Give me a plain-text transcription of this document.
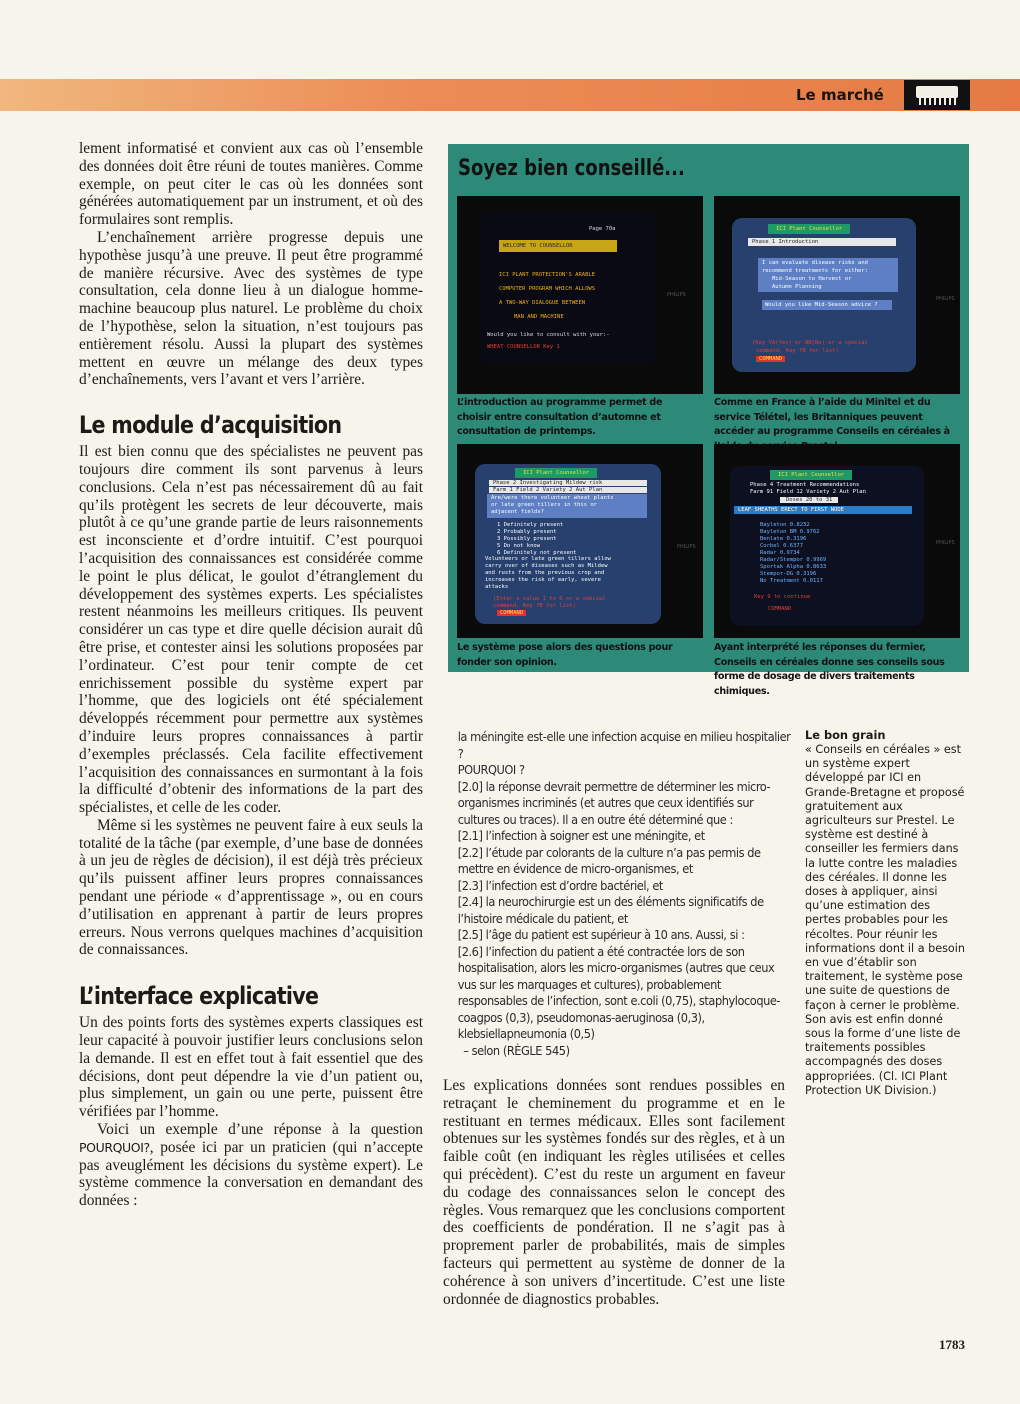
Le marché

lement informatisé et convient aux cas où l’ensemble des données doit être réuni de toutes manières. Comme exemple, on peut citer le cas où les données sont générées automatiquement par un instrument, et où des formulaires sont remplis.

L’enchaînement arrière progresse depuis une hypothèse jusqu’à une preuve. Il peut être programmé de manière récursive. Avec des systèmes de type consultation, cela donne lieu à un dialogue homme-machine beaucoup plus naturel. Le problème du choix de l’hypothèse, selon la situation, n’est toujours pas entièrement résolu. Aussi la plupart des systèmes mettent en œuvre un mélange des deux types d’enchaînements, vers l’avant et vers l’arrière.

Le module d’acquisition

Il est bien connu que des spécialistes ne peuvent pas toujours dire comment ils sont parvenus à leurs conclusions. Cela n’est pas nécessairement dû au fait qu’ils protègent les secrets de leur découverte, mais plutôt à ce qu’une grande partie de leurs raisonnements est inconsciente et d’ordre intuitif. C’est pourquoi l’acquisition des connaissances est considérée comme le point le plus délicat, le goulot d’étranglement du développement des systèmes experts. Les spécialistes restent néanmoins les meilleurs critiques. Ils peuvent considérer un cas type et dire quelle décision aurait dû être prise, et contester ainsi les solutions proposées par l’ordinateur. C’est pour tenir compte de cet enrichissement possible du système expert par l’homme, que des logiciels ont été spécialement développés récemment pour permettre aux systèmes d’induire leurs propres connaissances à partir d’exemples préclassés. Cela facilite effectivement l’acquisition des connaissances en surmontant à la fois la difficulté d’obtenir des informations de la part des spécialistes, et celle de les coder.

Même si les systèmes ne peuvent faire à eux seuls la totalité de la tâche (par exemple, d’une base de données à un jeu de règles de décision), il est déjà très précieux qu’ils puissent affiner leurs propres connaissances pendant une période « d’apprentissage », ou en cours d’utilisation en apprenant à partir de leurs propres erreurs. Nous verrons quelques machines d’acquisition de connaissances.

L’interface explicative

Un des points forts des systèmes experts classiques est leur capacité à pouvoir justifier leurs conclusions selon la demande. Il est en effet tout à fait essentiel que des décisions, dont peut dépendre la vie d’un patient ou, plus simplement, un gain ou une perte, puissent être vérifiées par l’homme.

Voici un exemple d’une réponse à la question POURQUOI?, posée ici par un praticien (qui n’accepte pas aveuglément les décisions du système expert). Le système commence la conversation en demandant des données :

Soyez bien conseillé...
Page 70a
WELCOME TO COUNSELLOR
ICI PLANT PROTECTION'S ARABLE
COMPUTER PROGRAM WHICH ALLOWS
A TWO-WAY DIALOGUE BETWEEN
MAN AND MACHINE
Would you like to consult with your:-
WHEAT COUNSELLOR Key 1
PHILIPS
ICI Plant Counsellor
Phase 1 Introduction
I can evaluate disease risks and
recommend treatments for either:
Mid-Season to Harvest or
Autumn Planning
Would you like Mid-Season advice ?
(Key YA(Yes) or NB(No) or a special
command, Key ?B for list)
COMMAND
PHILIPS
L’introduction au programme permet de choisir entre consultation d’automne et consultation de printemps.
Comme en France à l’aide du Minitel et du service Télétel, les Britanniques peuvent accéder au programme Conseils en céréales à
ICI Plant Counsellor
Phase 2 Investigating Mildew risk
Farm 1 Field 2 Variety 2 Aut Plan
Are/were there volunteer wheat plants
or late green tillers in this or
adjacent fields?
1 Definitely present
2 Probably present
3 Possibly present
5 Do not know
6 Definitely not present
Volunteers or late green tillers allow
carry over of diseases such as Mildew
and rusts from the previous crop and
increases the risk of early, severe
attacks
(Enter a value 1 to 6 or a special
command, Key ?B for list)
COMMAND
PHILIPS
ICI Plant Counsellor
Phase 4 Treatment Recommendations
Farm 91 Field 12 Variety 2 Aut Plan
Doses 20 to 31
LEAF SHEATHS ERECT TO FIRST NODE
Bayleton 0.8232
Bayleton BM 0.9762
Benlate 0.3196
Corbel 0.6377
Radar 0.9734
Radar/Stempor 0.9969
Sportak Alpha 0.8633
Stempor-DG 0.3196
No Treatment 0.0117
Key 9 to continue
COMMAND
PHILIPS
Le système pose alors des questions pour fonder son opinion.
Ayant interprété les réponses du fermier, Conseils en céréales donne ses conseils sous forme de dosage de divers traitements chimiques.

la méningite est-elle une infection acquise en milieu hospitalier ?

POURQUOI ?

[2.0] la réponse devrait permettre de déterminer les micro-organismes incriminés (et autres que ceux identifiés sur cultures ou traces). Il a en outre été déterminé que :

[2.1] l’infection à soigner est une méningite, et

[2.2] l’étude par colorants de la culture n’a pas permis de mettre en évidence de micro-organismes, et

[2.3] l’infection est d’ordre bactériel, et

[2.4] la neurochirurgie est un des éléments significatifs de l’histoire médicale du patient, et

[2.5] l’âge du patient est supérieur à 10 ans. Aussi, si :

[2.6] l’infection du patient a été contractée lors de son hospitalisation, alors les micro-organismes (autres que ceux vus sur les marquages et cultures), probablement responsables de l’infection, sont e.coli (0,75), staphylocoque-coagpos (0,3), pseudomonas-aeruginosa (0,3), klebsiellapneumonia (0,5)

– selon (RÈGLE 545)

Les explications données sont rendues possibles en retraçant le cheminement du programme et en le restituant en termes médicaux. Elles sont facilement obtenues sur les systèmes fondés sur des règles, et à un faible coût (en indiquant les règles utilisées et celles qui précèdent). C’est du reste un argument en faveur du codage des connaissances selon le concept des règles. Vous remarquez que les conclusions comportent des coefficients de pondération. Il ne s’agit pas à proprement parler de probabilités, mais de simples facteurs qui permettent au système de donner de la cohérence à son univers d’incertitude. C’est une liste ordonnée de diagnostics probables.

Le bon grain

« Conseils en céréales » est un système expert développé par ICI en Grande-Bretagne et proposé gratuitement aux agriculteurs sur Prestel. Le système est destiné à conseiller les fermiers dans la lutte contre les maladies des céréales. Il donne les doses à appliquer, ainsi qu’une estimation des pertes probables pour les récoltes. Pour réunir les informations dont il a besoin en vue d’établir son traitement, le système pose une suite de questions de façon à cerner le problème. Son avis est enfin donné sous la forme d’une liste de traitements possibles accompagnés des doses appropriées. (Cl. ICI Plant Protection UK Division.)

1783
